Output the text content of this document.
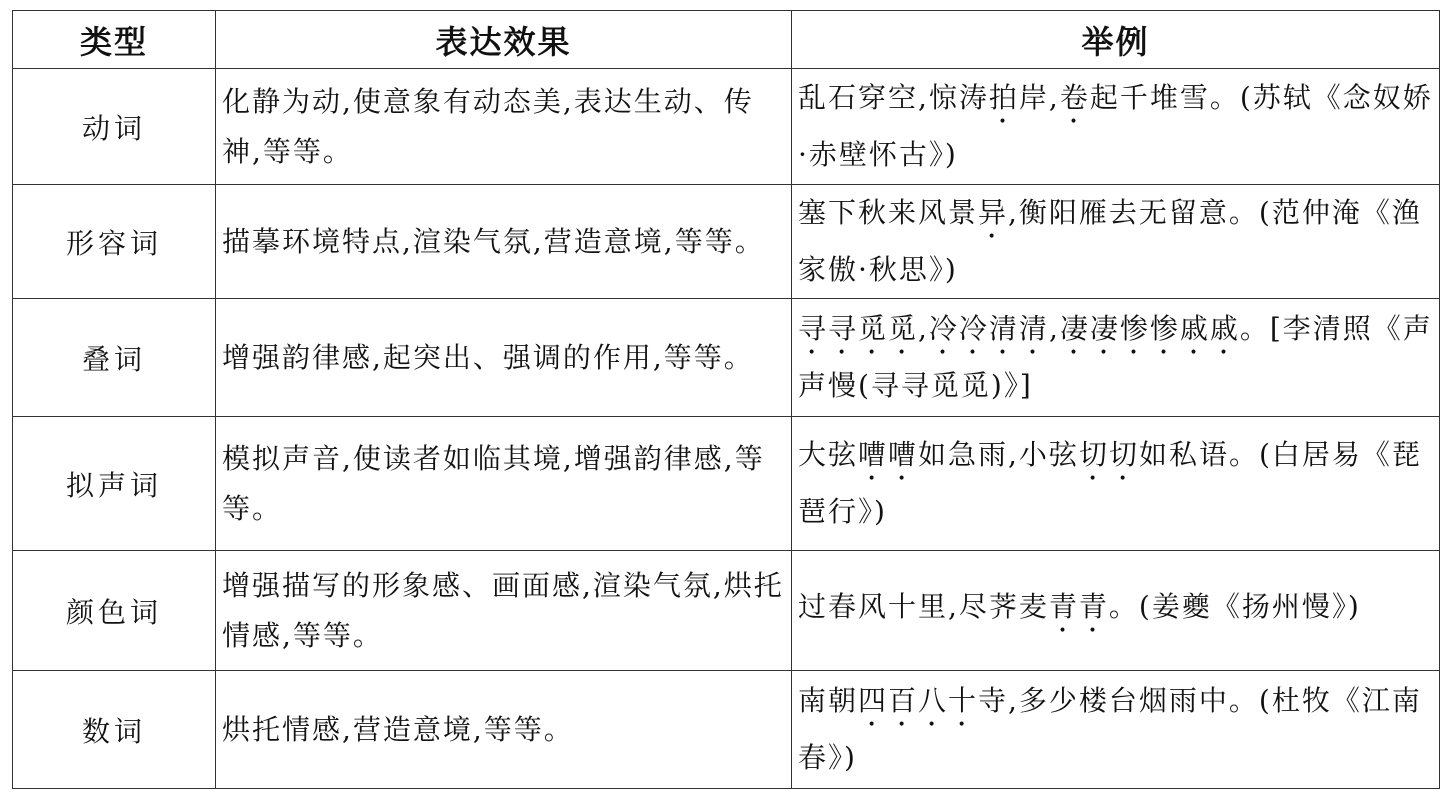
类型	表达效果	举例
动词	化静为动,使意象有动态美,表达生动、传神,等等。	乱石穿空,惊涛拍岸,卷起千堆雪。(苏轼《念奴娇·赤壁怀古》)
形容词	描摹环境特点,渲染气氛,营造意境,等等。	塞下秋来风景异,衡阳雁去无留意。(范仲淹《渔家傲·秋思》)
叠词	增强韵律感,起突出、强调的作用,等等。	寻寻觅觅,冷冷清清,凄凄惨惨戚戚。[李清照《声声慢(寻寻觅觅)》]
拟声词	模拟声音,使读者如临其境,增强韵律感,等等。	大弦嘈嘈如急雨,小弦切切如私语。(白居易《琵琶行》)
颜色词	增强描写的形象感、画面感,渲染气氛,烘托情感,等等。	过春风十里,尽荠麦青青。(姜夔《扬州慢》)
数词	烘托情感,营造意境,等等。	南朝四百八十寺,多少楼台烟雨中。(杜牧《江南春》)
